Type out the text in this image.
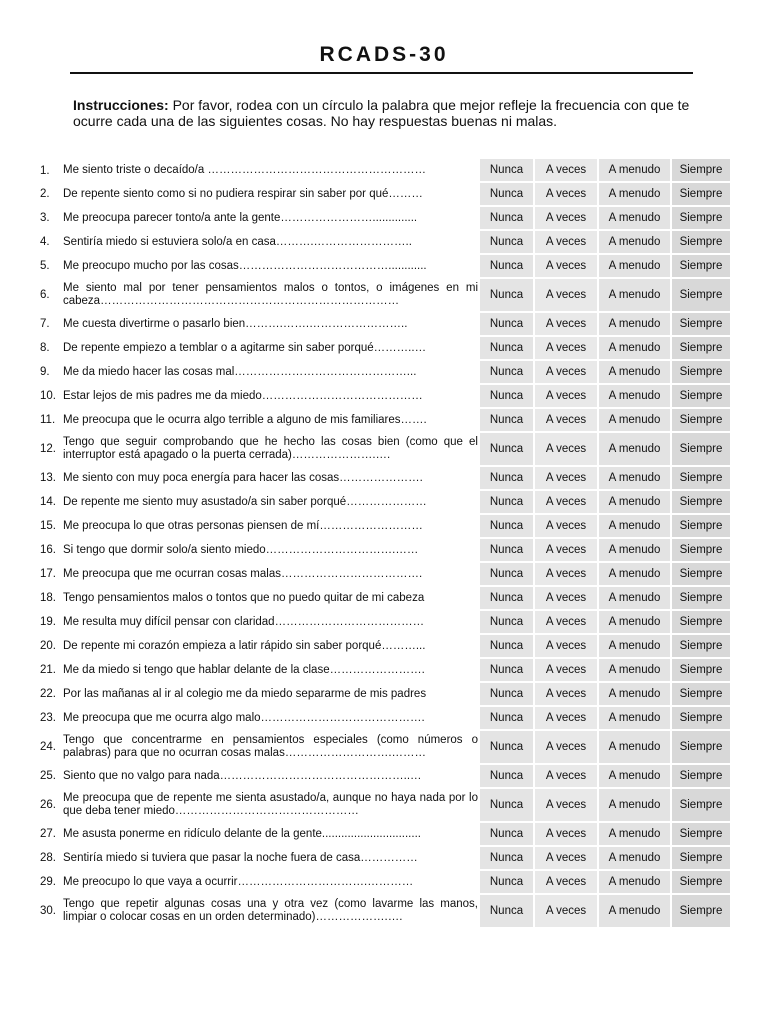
RCADS-30
Instrucciones: Por favor, rodea con un círculo la palabra que mejor refleje la frecuencia con que te ocurre cada una de las siguientes cosas. No hay respuestas buenas ni malas.
1.	Me siento triste o decaído/a …………………………………………………	Nunca	A veces	A menudo	Siempre
2.	De repente siento como si no pudiera respirar sin saber por qué………	Nunca	A veces	A menudo	Siempre
3.	Me preocupa parecer tonto/a ante la gente……………………..............	Nunca	A veces	A menudo	Siempre
4.	Sentiría miedo si estuviera solo/a en casa……….……………………..	Nunca	A veces	A menudo	Siempre
5.	Me preocupo mucho por las cosas…………………………………............	Nunca	A veces	A menudo	Siempre
6.	Me siento mal por tener pensamientos malos o tontos, o imágenes en mi cabeza……………………………………………………………………	Nunca	A veces	A menudo	Siempre
7.	Me cuesta divertirme o pasarlo bien……….…….……………………..	Nunca	A veces	A menudo	Siempre
8.	De repente empiezo a temblar o a agitarme sin saber porqué………..…	Nunca	A veces	A menudo	Siempre
9.	Me da miedo hacer las cosas mal………………………………………...	Nunca	A veces	A menudo	Siempre
10.	Estar lejos de mis padres me da miedo……………………………………	Nunca	A veces	A menudo	Siempre
11.	Me preocupa que le ocurra algo terrible a alguno de mis familiares…….	Nunca	A veces	A menudo	Siempre
12.	Tengo que seguir comprobando que he hecho las cosas bien (como que el interruptor está apagado o la puerta cerrada)………………….….	Nunca	A veces	A menudo	Siempre
13.	Me siento con muy poca energía para hacer las cosas………………….	Nunca	A veces	A menudo	Siempre
14.	De repente me siento muy asustado/a sin saber porqué…………………	Nunca	A veces	A menudo	Siempre
15.	Me preocupa lo que otras personas piensen de mí………………………	Nunca	A veces	A menudo	Siempre
16.	Si tengo que dormir solo/a siento miedo…………………………….……	Nunca	A veces	A menudo	Siempre
17.	Me preocupa que me ocurran cosas malas……………………………….	Nunca	A veces	A menudo	Siempre
18.	Tengo pensamientos malos o tontos que no puedo quitar de mi cabeza	Nunca	A veces	A menudo	Siempre
19.	Me resulta muy difícil pensar con claridad…………………………………	Nunca	A veces	A menudo	Siempre
20.	De repente mi corazón empieza a latir rápido sin saber porqué………...	Nunca	A veces	A menudo	Siempre
21.	Me da miedo si tengo que hablar delante de la clase…………………….	Nunca	A veces	A menudo	Siempre
22.	Por las mañanas al ir al colegio me da miedo separarme de mis padres	Nunca	A veces	A menudo	Siempre
23.	Me preocupa que me ocurra algo malo…………………………………….	Nunca	A veces	A menudo	Siempre
24.	Tengo que concentrarme en pensamientos especiales (como números o palabras) para que no ocurran cosas malas……………………….………	Nunca	A veces	A menudo	Siempre
25.	Siento que no valgo para nada…………………………………………..…	Nunca	A veces	A menudo	Siempre
26.	Me preocupa que de repente me sienta asustado/a, aunque no haya nada por lo que deba tener miedo…………………………………………	Nunca	A veces	A menudo	Siempre
27.	Me asusta ponerme en ridículo delante de la gente...............................	Nunca	A veces	A menudo	Siempre
28.	Sentiría miedo si tuviera que pasar la noche fuera de casa……………	Nunca	A veces	A menudo	Siempre
29.	Me preocupo lo que vaya a ocurrir…………………………….…………	Nunca	A veces	A menudo	Siempre
30.	Tengo que repetir algunas cosas una y otra vez (como lavarme las manos, limpiar o colocar cosas en un orden determinado)……………….….	Nunca	A veces	A menudo	Siempre
